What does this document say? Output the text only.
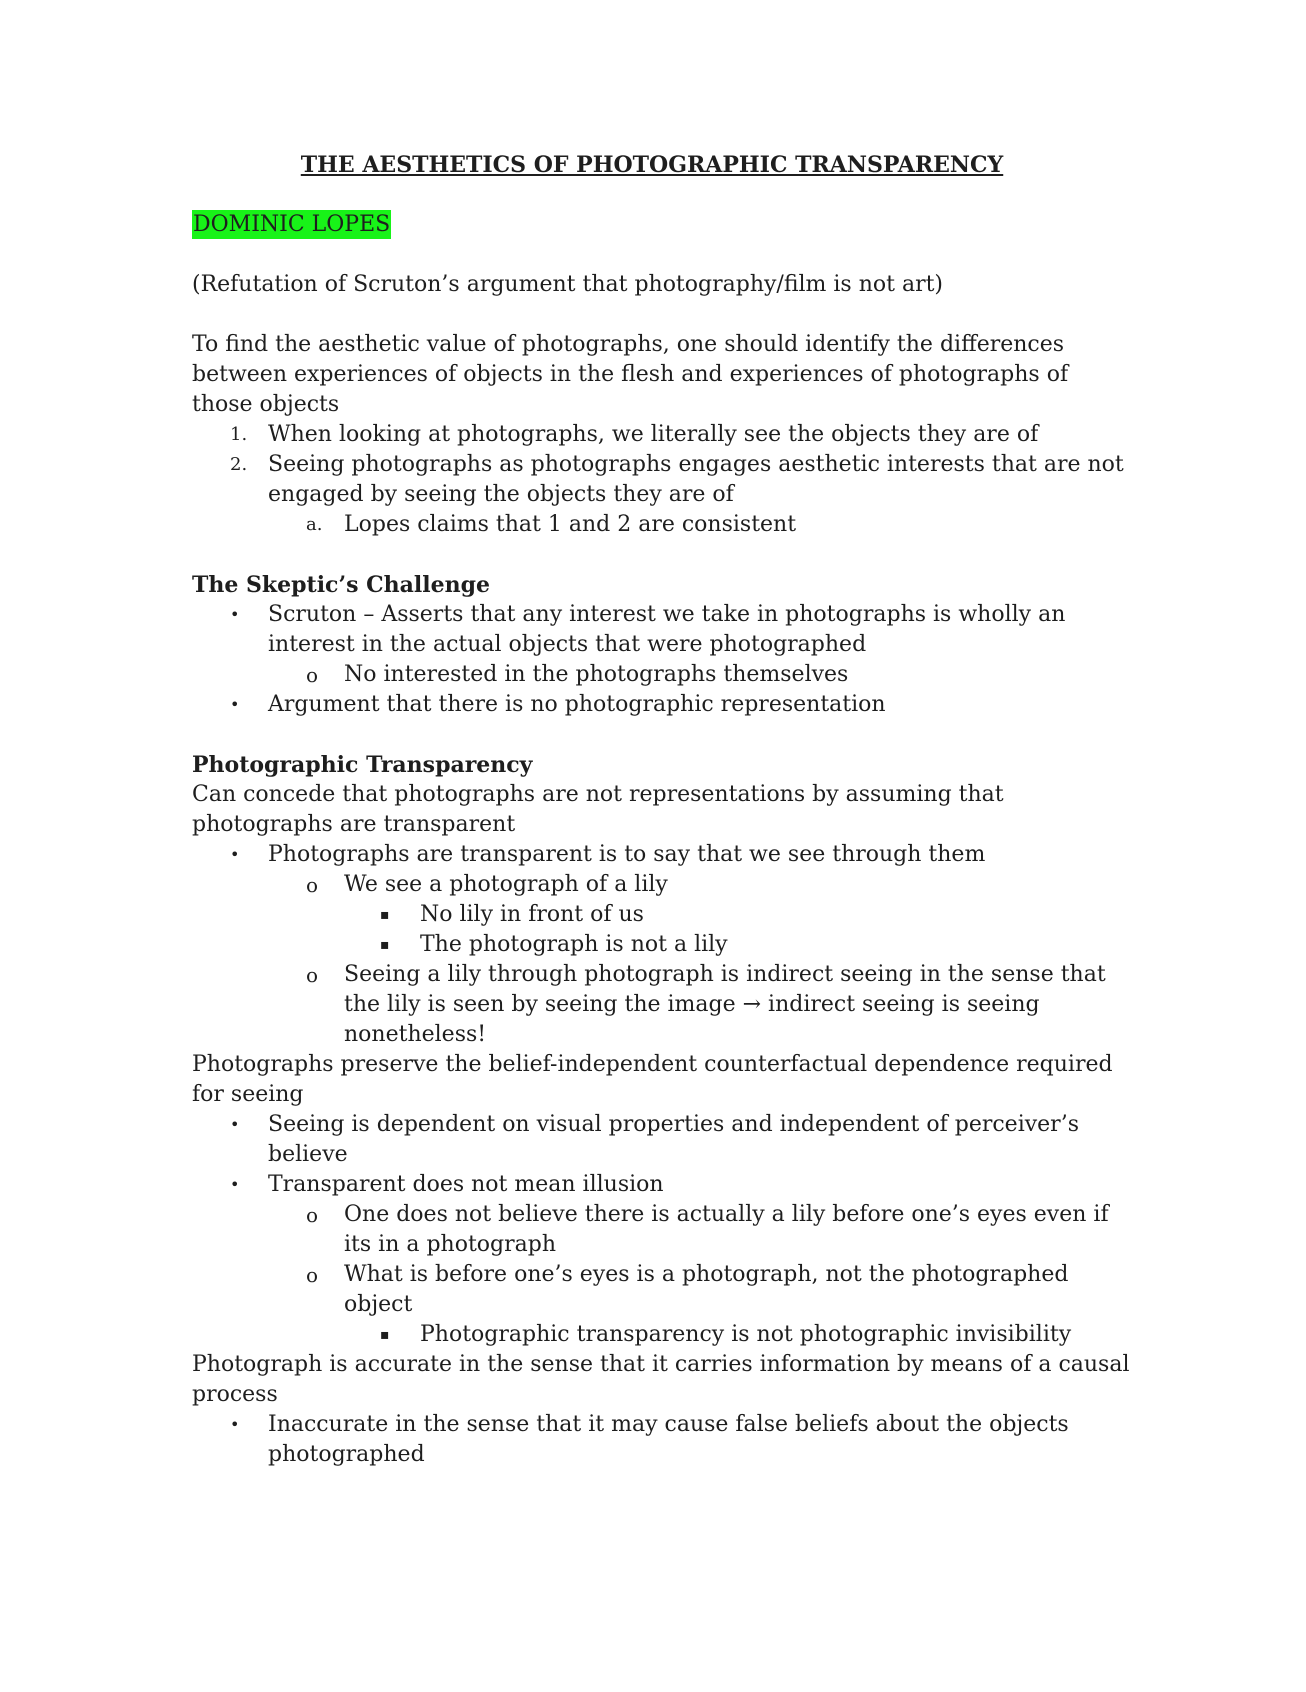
THE AESTHETICS OF PHOTOGRAPHIC TRANSPARENCY

DOMINIC LOPES

(Refutation of Scruton’s argument that photography/film is not art)

To find the aesthetic value of photographs, one should identify the differences between experiences of objects in the flesh and experiences of photographs of those objects

1. When looking at photographs, we literally see the objects they are of
2. Seeing photographs as photographs engages aesthetic interests that are not engaged by seeing the objects they are of
a. Lopes claims that 1 and 2 are consistent

The Skeptic’s Challenge

• Scruton – Asserts that any interest we take in photographs is wholly an interest in the actual objects that were photographed
o No interested in the photographs themselves
• Argument that there is no photographic representation

Photographic Transparency

Can concede that photographs are not representations by assuming that photographs are transparent

• Photographs are transparent is to say that we see through them
o We see a photograph of a lily
▪ No lily in front of us
▪ The photograph is not a lily
o Seeing a lily through photograph is indirect seeing in the sense that the lily is seen by seeing the image → indirect seeing is seeing nonetheless!

Photographs preserve the belief-independent counterfactual dependence required for seeing

• Seeing is dependent on visual properties and independent of perceiver’s believe
• Transparent does not mean illusion
o One does not believe there is actually a lily before one’s eyes even if its in a photograph
o What is before one’s eyes is a photograph, not the photographed object
▪ Photographic transparency is not photographic invisibility

Photograph is accurate in the sense that it carries information by means of a causal process

• Inaccurate in the sense that it may cause false beliefs about the objects photographed
